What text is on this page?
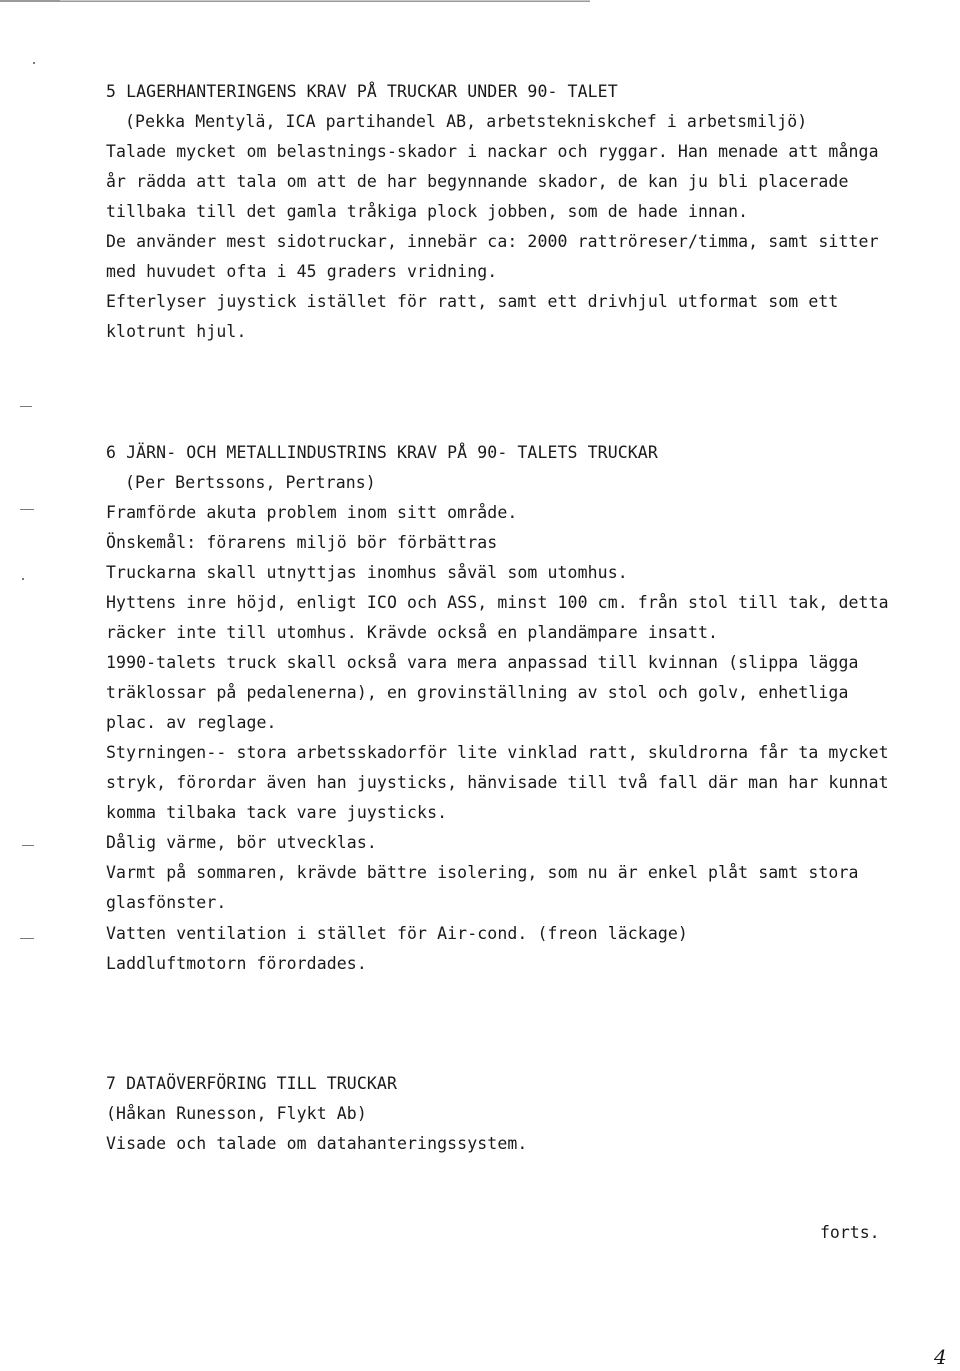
5 LAGERHANTERINGENS KRAV PÅ TRUCKAR UNDER 90- TALET
(Pekka Mentylä, ICA partihandel AB, arbetstekniskchef i arbetsmiljö)
Talade mycket om belastnings-skador i nackar och ryggar. Han menade att många
år rädda att tala om att de har begynnande skador, de kan ju bli placerade
tillbaka till det gamla tråkiga plock jobben, som de hade innan.
De använder mest sidotruckar, innebär ca: 2000 rattröreser/timma, samt sitter
med huvudet ofta i 45 graders vridning.
Efterlyser juystick istället för ratt, samt ett drivhjul utformat som ett
klotrunt hjul.
6 JÄRN- OCH METALLINDUSTRINS KRAV PÅ 90- TALETS TRUCKAR
(Per Bertssons, Pertrans)
Framförde akuta problem inom sitt område.
Önskemål: förarens miljö bör förbättras
Truckarna skall utnyttjas inomhus såväl som utomhus.
Hyttens inre höjd, enligt ICO och ASS, minst 100 cm. från stol till tak, detta
räcker inte till utomhus. Krävde också en plandämpare insatt.
1990-talets truck skall också vara mera anpassad till kvinnan (slippa lägga
träklossar på pedalenerna), en grovinställning av stol och golv, enhetliga
plac. av reglage.
Styrningen-- stora arbetsskadorför lite vinklad ratt, skuldrorna får ta mycket
stryk, förordar även han juysticks, hänvisade till två fall där man har kunnat
komma tilbaka tack vare juysticks.
Dålig värme, bör utvecklas.
Varmt på sommaren, krävde bättre isolering, som nu är enkel plåt samt stora
glasfönster.
Vatten ventilation i stället för Air-cond. (freon läckage)
Laddluftmotorn förordades.
7 DATAÖVERFÖRING TILL TRUCKAR
(Håkan Runesson, Flykt Ab)
Visade och talade om datahanteringssystem.
forts.
4
